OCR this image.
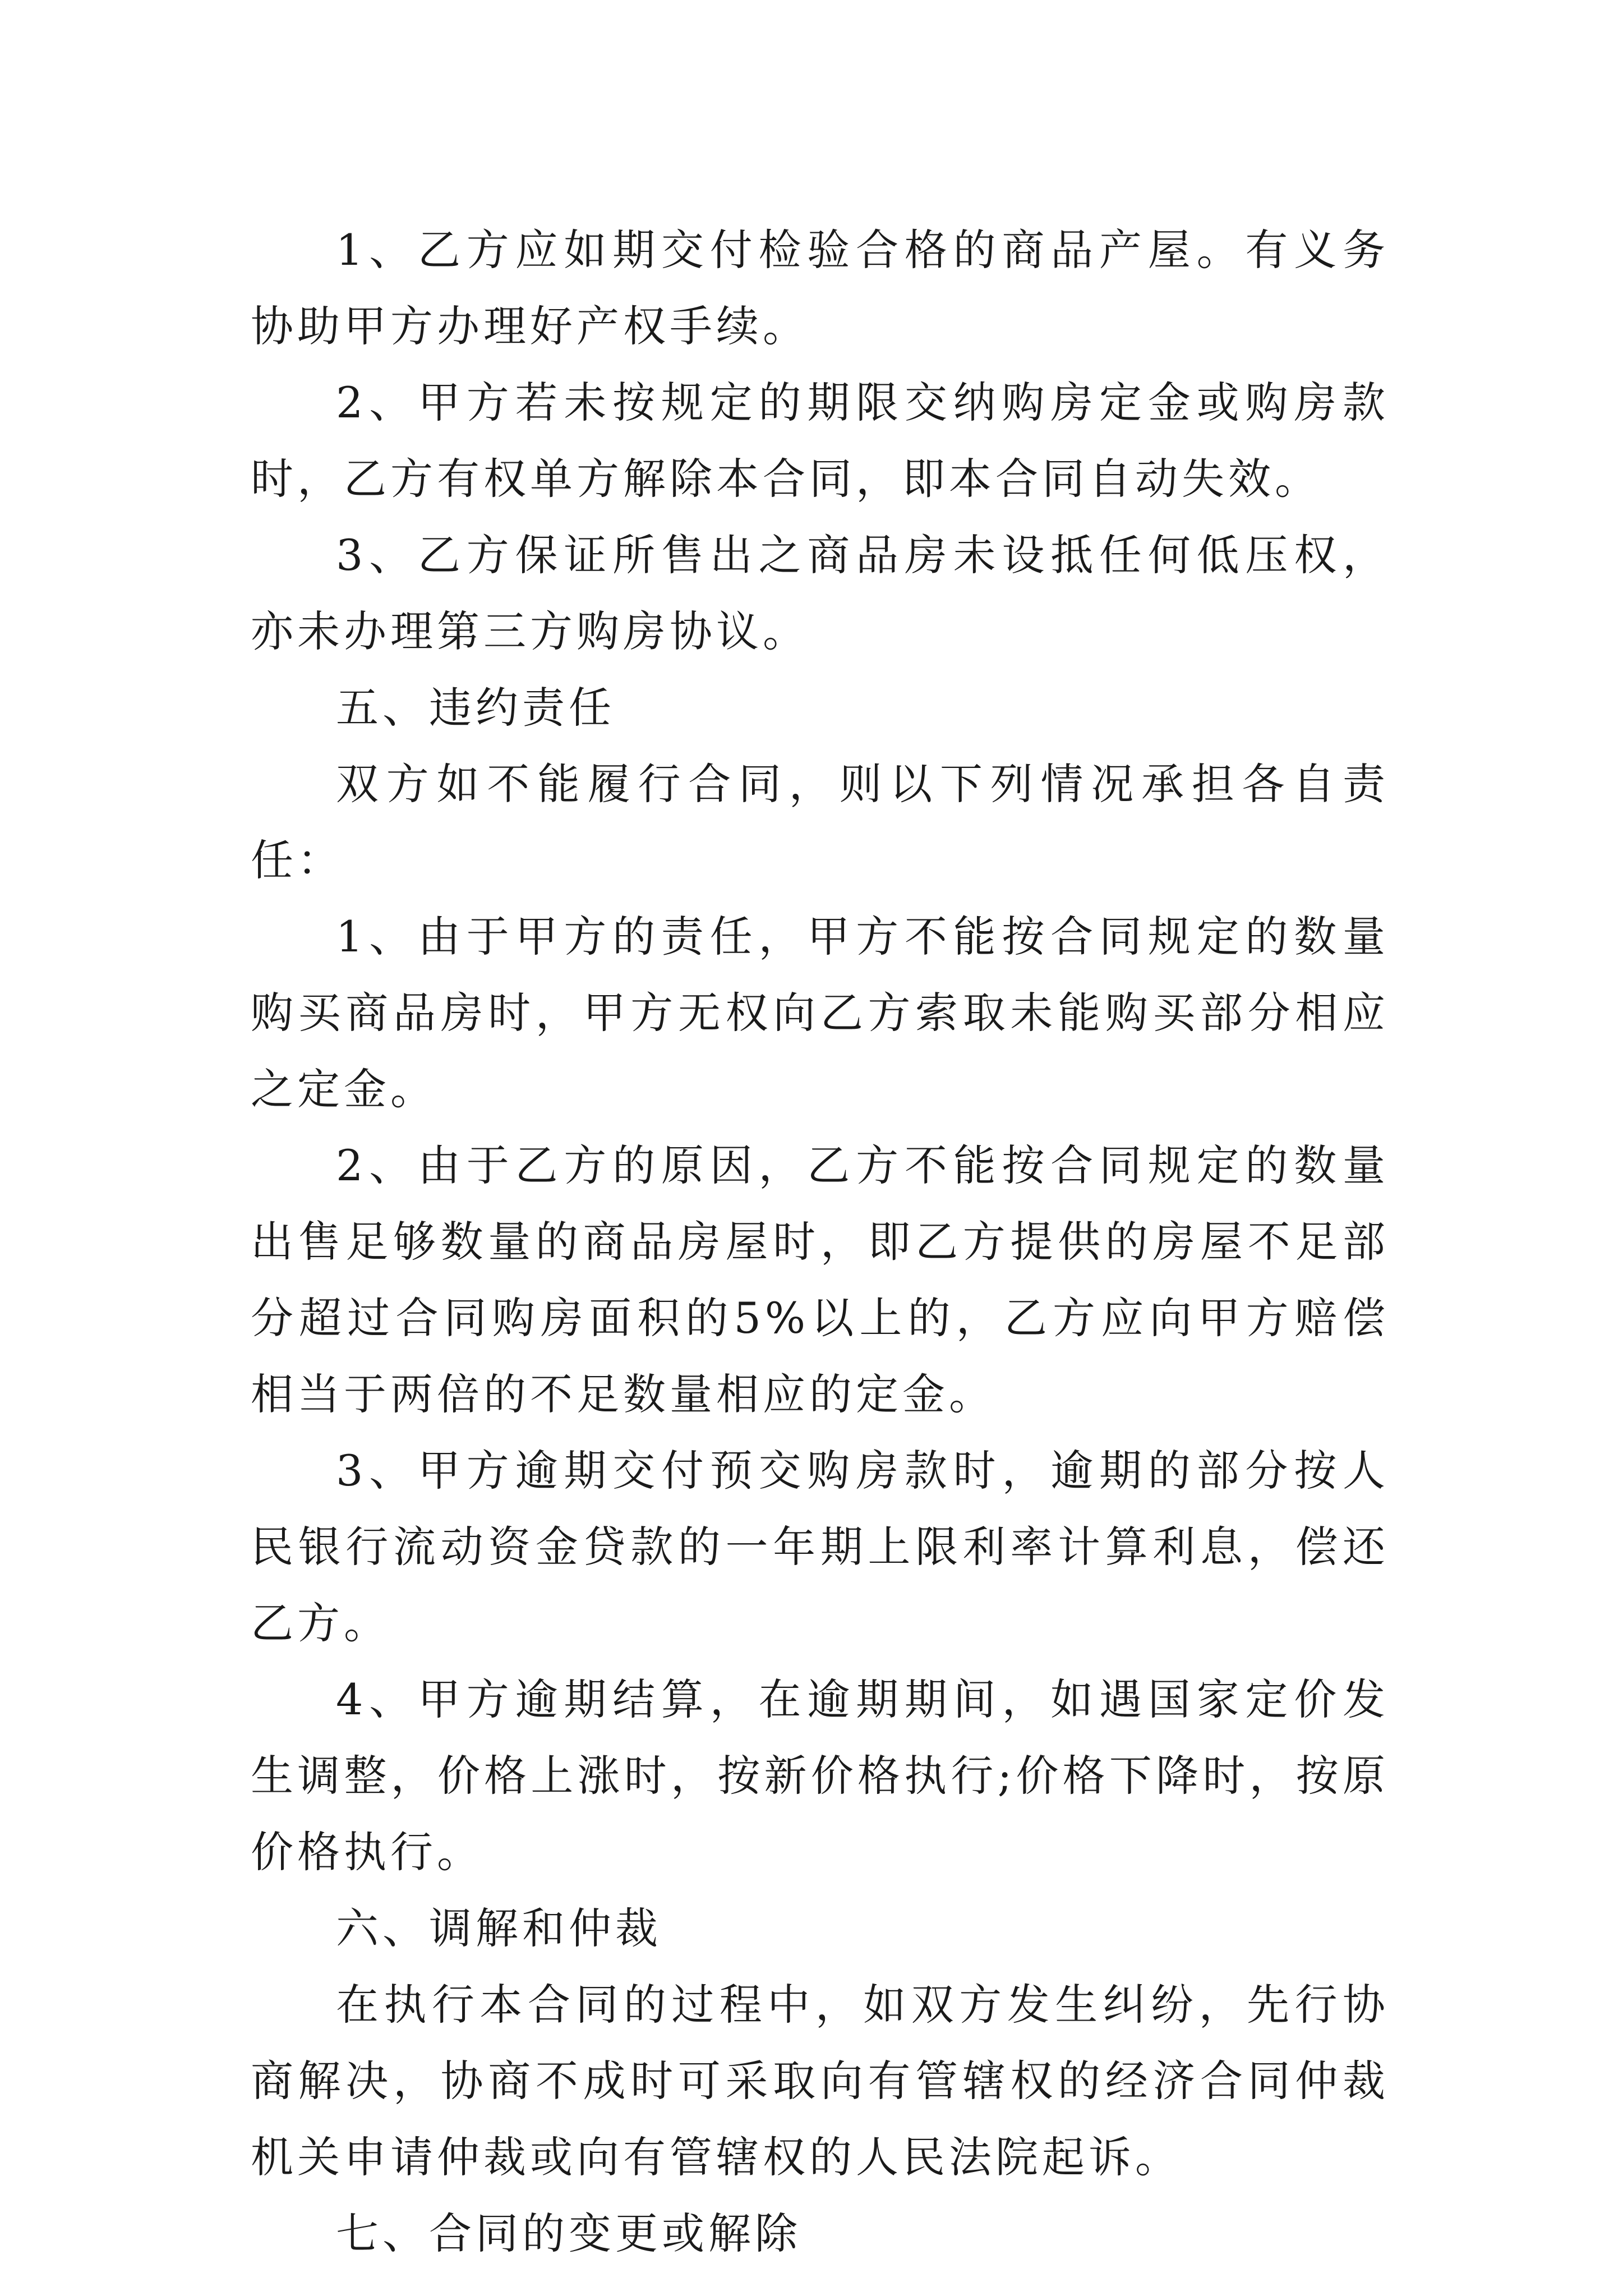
1、乙方应如期交付检验合格的商品产屋。有义务协助甲方办理好产权手续。

2、甲方若未按规定的期限交纳购房定金或购房款时，乙方有权单方解除本合同，即本合同自动失效。

3、乙方保证所售出之商品房未设抵任何低压权，亦未办理第三方购房协议。

五、违约责任

双方如不能履行合同，则以下列情况承担各自责任：

1、由于甲方的责任，甲方不能按合同规定的数量购买商品房时，甲方无权向乙方索取未能购买部分相应之定金。

2、由于乙方的原因，乙方不能按合同规定的数量出售足够数量的商品房屋时，即乙方提供的房屋不足部分超过合同购房面积的5%以上的，乙方应向甲方赔偿相当于两倍的不足数量相应的定金。

3、甲方逾期交付预交购房款时，逾期的部分按人民银行流动资金贷款的一年期上限利率计算利息，偿还乙方。

4、甲方逾期结算，在逾期期间，如遇国家定价发生调整，价格上涨时，按新价格执行;价格下降时，按原价格执行。

六、调解和仲裁

在执行本合同的过程中，如双方发生纠纷，先行协商解决，协商不成时可采取向有管辖权的经济合同仲裁机关申请仲裁或向有管辖权的人民法院起诉。

七、合同的变更或解除
